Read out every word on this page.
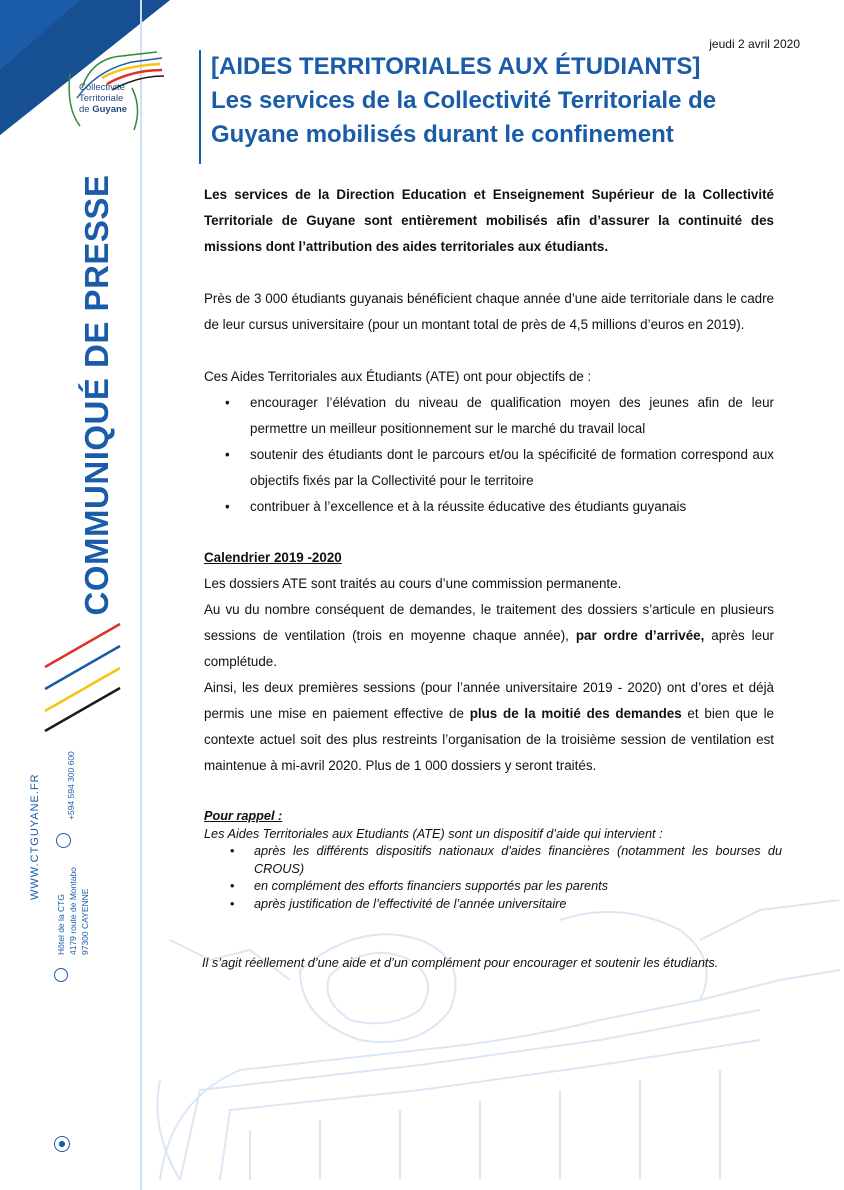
Collectivité
Territoriale
de Guyane
COMMUNIQUÉ DE PRESSE
WWW.CTGUYANE.FR	+594 594 300 600
Hôtel de la CTG 4179 route de Montabo 97300 CAYENNE
jeudi 2 avril 2020
[AIDES TERRITORIALES AUX ÉTUDIANTS]
Les services de la Collectivité Territoriale de
Guyane mobilisés durant le confinement

Les services de la Direction Education et Enseignement Supérieur de la Collectivité Territoriale de Guyane sont entièrement mobilisés afin d’assurer la continuité des missions dont l’attribution des aides territoriales aux étudiants.

Près de 3 000 étudiants guyanais bénéficient chaque année d’une aide territoriale dans le cadre de leur cursus universitaire (pour un montant total de près de 4,5 millions d’euros en 2019).

Ces Aides Territoriales aux Étudiants (ATE) ont pour objectifs de :

• encourager l’élévation du niveau de qualification moyen des jeunes afin de leur permettre un meilleur positionnement sur le marché du travail local
• soutenir des étudiants dont le parcours et/ou la spécificité de formation correspond aux objectifs fixés par la Collectivité pour le territoire
• contribuer à l’excellence et à la réussite éducative des étudiants guyanais

Calendrier 2019 -2020

Les dossiers ATE sont traités au cours d’une commission permanente.

Au vu du nombre conséquent de demandes, le traitement des dossiers s’articule en plusieurs sessions de ventilation (trois en moyenne chaque année), par ordre d’arrivée, après leur complétude.

Ainsi, les deux premières sessions (pour l’année universitaire 2019 - 2020) ont d’ores et déjà permis une mise en paiement effective de plus de la moitié des demandes et bien que le contexte actuel soit des plus restreints l’organisation de la troisième session de ventilation est maintenue à mi-avril 2020. Plus de 1 000 dossiers y seront traités.

Pour rappel :
Les Aides Territoriales aux Etudiants (ATE) sont un dispositif d’aide qui intervient :
• après les différents dispositifs nationaux d'aides financières (notamment les bourses du CROUS)
• en complément des efforts financiers supportés par les parents
• après justification de l’effectivité de l’année universitaire
Il s’agit réellement d’une aide et d’un complément pour encourager et soutenir les étudiants.
